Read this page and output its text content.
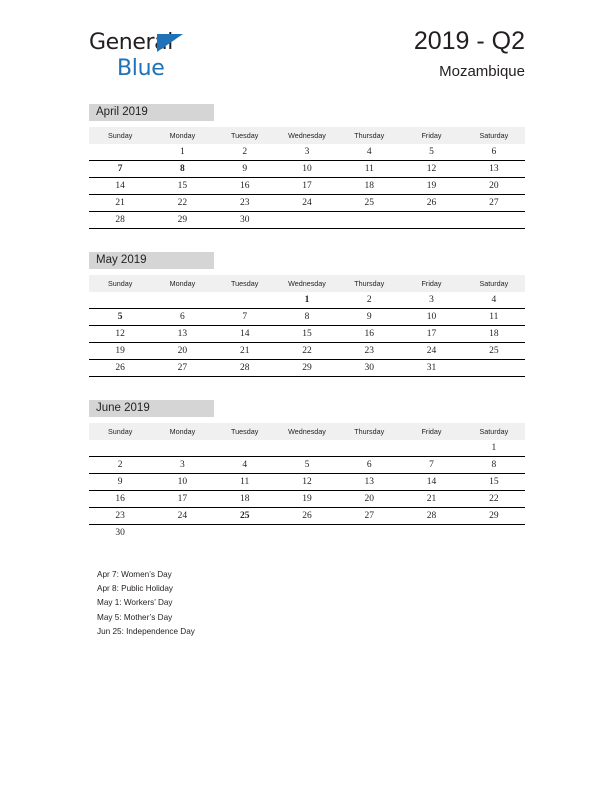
General
Blue
2019 - Q2
Mozambique
April 2019
Sunday	Monday	Tuesday	Wednesday	Thursday	Friday	Saturday
	1	2	3	4	5	6
7	8	9	10	11	12	13
14	15	16	17	18	19	20
21	22	23	24	25	26	27
28	29	30				
May 2019
Sunday	Monday	Tuesday	Wednesday	Thursday	Friday	Saturday
			1	2	3	4
5	6	7	8	9	10	11
12	13	14	15	16	17	18
19	20	21	22	23	24	25
26	27	28	29	30	31	
June 2019
Sunday	Monday	Tuesday	Wednesday	Thursday	Friday	Saturday
						1
2	3	4	5	6	7	8
9	10	11	12	13	14	15
16	17	18	19	20	21	22
23	24	25	26	27	28	29
30						
Apr 7: Women’s Day
Apr 8: Public Holiday
May 1: Workers’ Day
May 5: Mother’s Day
Jun 25: Independence Day
